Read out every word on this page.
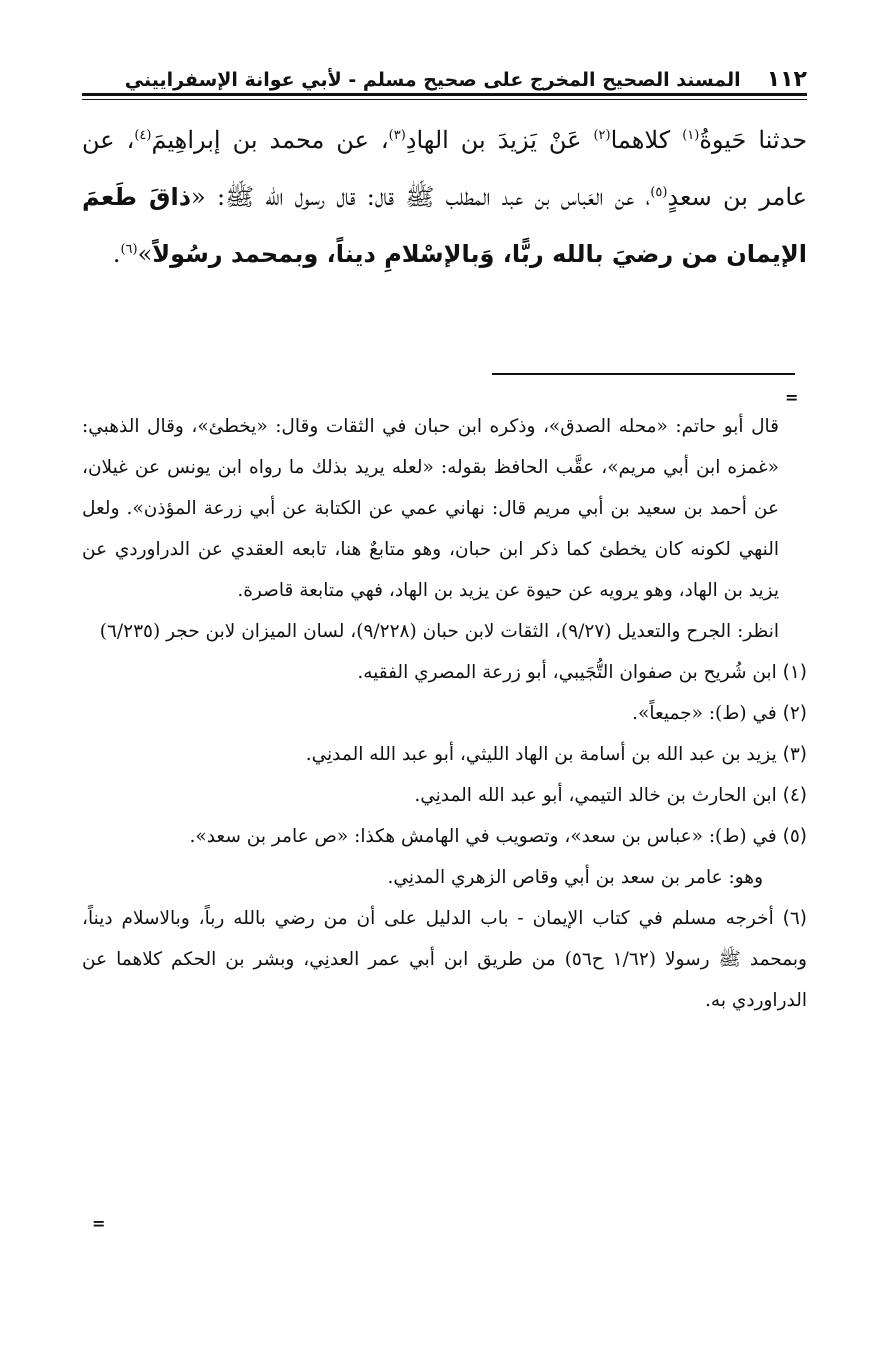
١١٢
المسند الصحيح المخرج على صحيح مسلم - لأبي عوانة الإسفراييني

حدثنا حَيوةُ$^{(١)}$ كلاهما$^{(٢)}$ عَنْ يَزيدَ بن الهادِ$^{(٣)}$، عن محمد بن إبراهِيمَ$^{(٤)}$، عن عامر بن سعدٍ$^{(٥)}$، عن العَباس بن عبد المطلب ﷺ قال: قال رسول الله ﷺ: «ذاقَ طَعمَ الإيمان من رضيَ بالله ربًّا، وَبالإسْلامِ ديناً، وبمحمد رسُولاً»$^{(٦)}$.

=

قال أبو حاتم: «محله الصدق»، وذكره ابن حبان في الثقات وقال: «يخطئ»، وقال الذهبي: «غمزه ابن أبي مريم»، عقَّب الحافظ بقوله: «لعله يريد بذلك ما رواه ابن يونس عن غيلان، عن أحمد بن سعيد بن أبي مريم قال: نهاني عمي عن الكتابة عن أبي زرعة المؤذن». ولعل النهي لكونه كان يخطئ كما ذكر ابن حبان، وهو متابعٌ هنا، تابعه العقدي عن الدراوردي عن يزيد بن الهاد، وهو يرويه عن حيوة عن يزيد بن الهاد، فهي متابعة قاصرة.

انظر: الجرح والتعديل (٩/٢٧)، الثقات لابن حبان (٩/٢٢٨)، لسان الميزان لابن حجر (٦/٢٣٥)

(١) ابن شُريح بن صفوان التُّجَيبي، أبو زرعة المصري الفقيه.

(٢) في (ط): «جميعاً».

(٣) يزيد بن عبد الله بن أسامة بن الهاد الليثي، أبو عبد الله المدنِي.

(٤) ابن الحارث بن خالد التيمي، أبو عبد الله المدنِي.

(٥) في (ط): «عباس بن سعد»، وتصويب في الهامش هكذا: «ص عامر بن سعد».

وهو: عامر بن سعد بن أبي وقاص الزهري المدنِي.

(٦) أخرجه مسلم في كتاب الإيمان - باب الدليل على أن من رضي بالله رباً، وبالاسلام ديناً، وبمحمد ﷺ رسولا (١/٦٢ ح٥٦) من طريق ابن أبي عمر العدنِي، وبشر بن الحكم كلاهما عن الدراوردي به.

=
